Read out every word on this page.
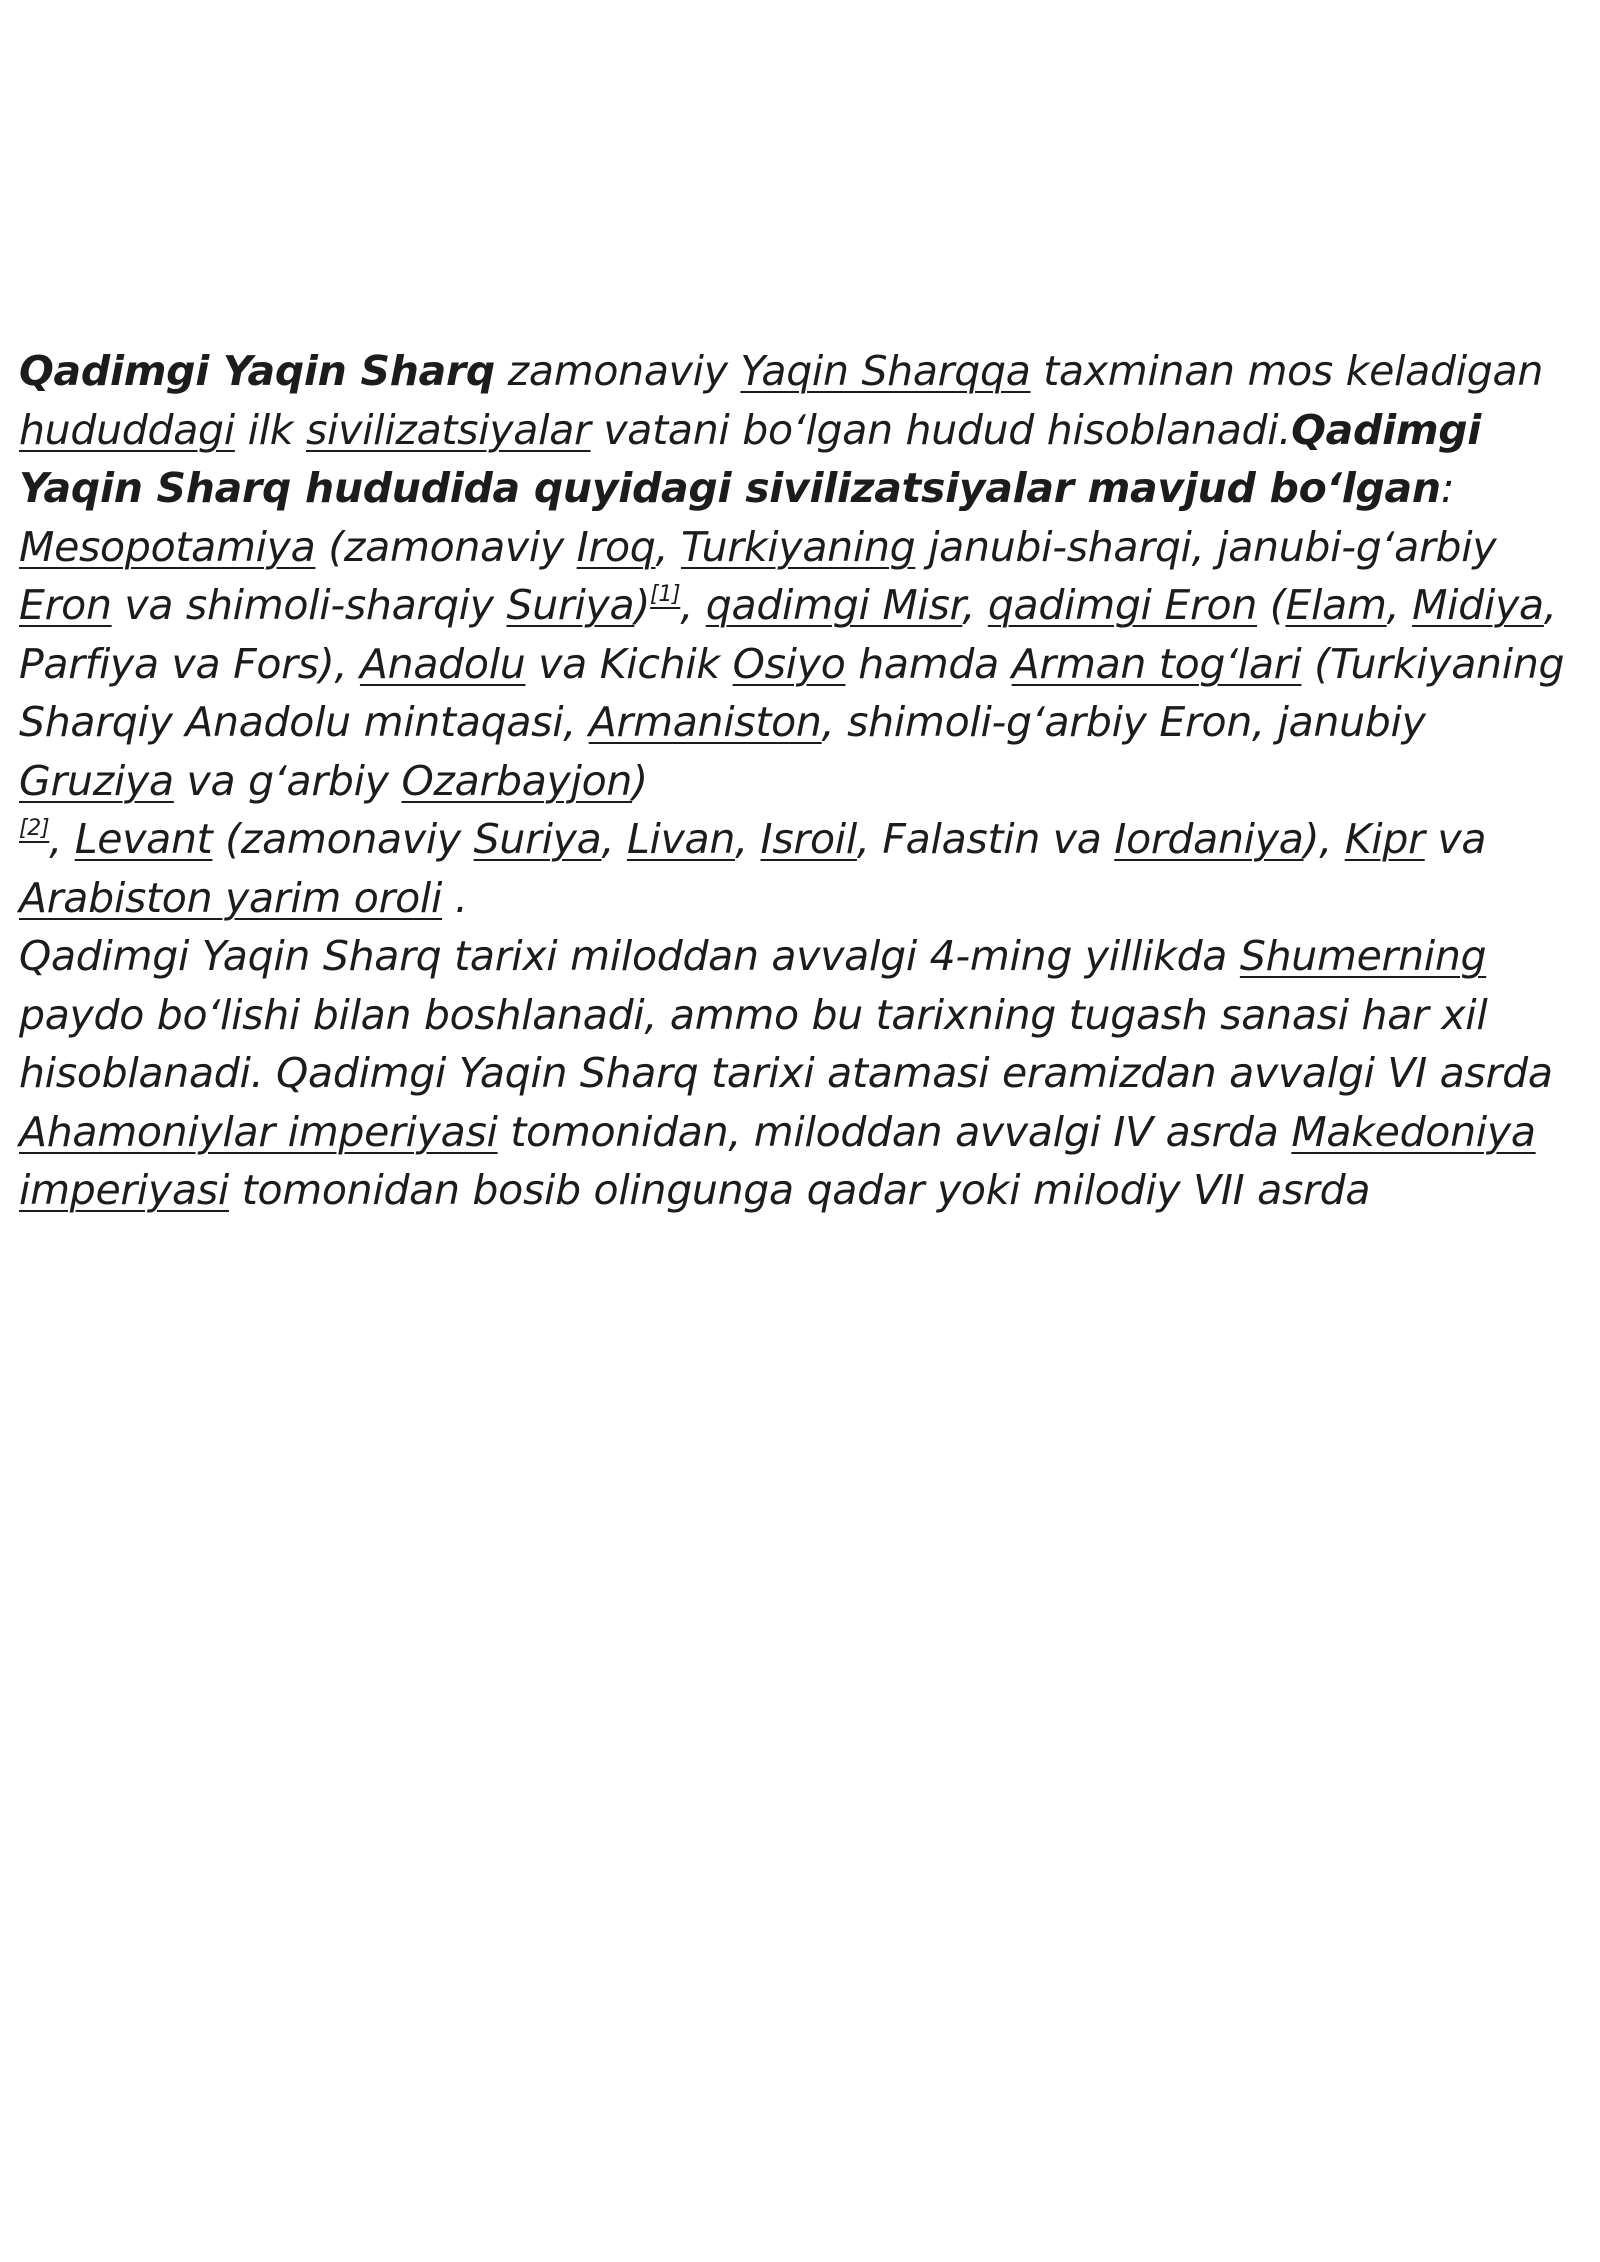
Qadimgi Yaqin Sharq zamonaviy Yaqin Sharqqa taxminan mos keladigan hududdagi ilk sivilizatsiyalar vatani bo‘lgan hudud hisoblanadi.Qadimgi Yaqin Sharq hududida quyidagi sivilizatsiyalar mavjud bo‘lgan: Mesopotamiya (zamonaviy Iroq, Turkiyaning janubi-sharqi, janubi-g‘arbiy Eron va shimoli-sharqiy Suriya)[1], qadimgi Misr, qadimgi Eron (Elam, Midiya, Parfiya va Fors), Anadolu va Kichik Osiyo hamda Arman tog‘lari (Turkiyaning Sharqiy Anadolu mintaqasi, Armaniston, shimoli-g‘arbiy Eron, janubiy Gruziya va g‘arbiy Ozarbayjon)
[2], Levant (zamonaviy Suriya, Livan, Isroil, Falastin va Iordaniya), Kipr va Arabiston yarim oroli .

Qadimgi Yaqin Sharq tarixi miloddan avvalgi 4-ming yillikda Shumerning paydo bo‘lishi bilan boshlanadi, ammo bu tarixning tugash sanasi har xil hisoblanadi. Qadimgi Yaqin Sharq tarixi atamasi eramizdan avvalgi VI asrda Ahamoniylar imperiyasi tomonidan, miloddan avvalgi IV asrda Makedoniya imperiyasi tomonidan bosib olingunga qadar yoki milodiy VII asrda
